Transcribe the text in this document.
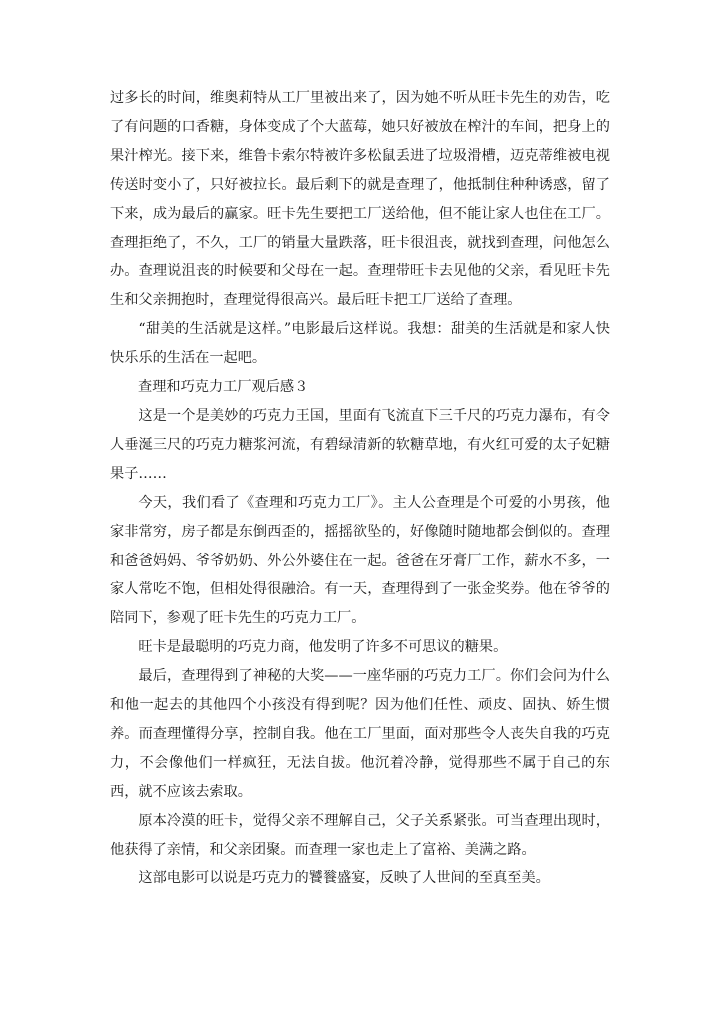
过多长的时间，维奥莉特从工厂里被出来了，因为她不听从旺卡先生的劝告，吃了有问题的口香糖，身体变成了个大蓝莓，她只好被放在榨汁的车间，把身上的果汁榨光。接下来，维鲁卡索尔特被许多松鼠丢进了垃圾滑槽，迈克蒂维被电视传送时变小了，只好被拉长。最后剩下的就是查理了，他抵制住种种诱惑，留了下来，成为最后的赢家。旺卡先生要把工厂送给他，但不能让家人也住在工厂。查理拒绝了，不久，工厂的销量大量跌落，旺卡很沮丧，就找到查理，问他怎么办。查理说沮丧的时候要和父母在一起。查理带旺卡去见他的父亲，看见旺卡先生和父亲拥抱时，查理觉得很高兴。最后旺卡把工厂送给了查理。

“甜美的生活就是这样。”电影最后这样说。我想：甜美的生活就是和家人快快乐乐的生活在一起吧。

查理和巧克力工厂观后感３

这是一个是美妙的巧克力王国，里面有飞流直下三千尺的巧克力瀑布，有令人垂涎三尺的巧克力糖浆河流，有碧绿清新的软糖草地，有火红可爱的太子妃糖果子……

今天，我们看了《查理和巧克力工厂》。主人公查理是个可爱的小男孩，他家非常穷，房子都是东倒西歪的，摇摇欲坠的，好像随时随地都会倒似的。查理和爸爸妈妈、爷爷奶奶、外公外婆住在一起。爸爸在牙膏厂工作，薪水不多，一家人常吃不饱，但相处得很融洽。有一天，查理得到了一张金奖券。他在爷爷的陪同下，参观了旺卡先生的巧克力工厂。

旺卡是最聪明的巧克力商，他发明了许多不可思议的糖果。

最后，查理得到了神秘的大奖——一座华丽的巧克力工厂。你们会问为什么和他一起去的其他四个小孩没有得到呢？因为他们任性、顽皮、固执、娇生惯养。而查理懂得分享，控制自我。他在工厂里面，面对那些令人丧失自我的巧克力，不会像他们一样疯狂，无法自拔。他沉着冷静，觉得那些不属于自己的东西，就不应该去索取。

原本冷漠的旺卡，觉得父亲不理解自己，父子关系紧张。可当查理出现时，他获得了亲情，和父亲团聚。而查理一家也走上了富裕、美满之路。

这部电影可以说是巧克力的饕餮盛宴，反映了人世间的至真至美。
